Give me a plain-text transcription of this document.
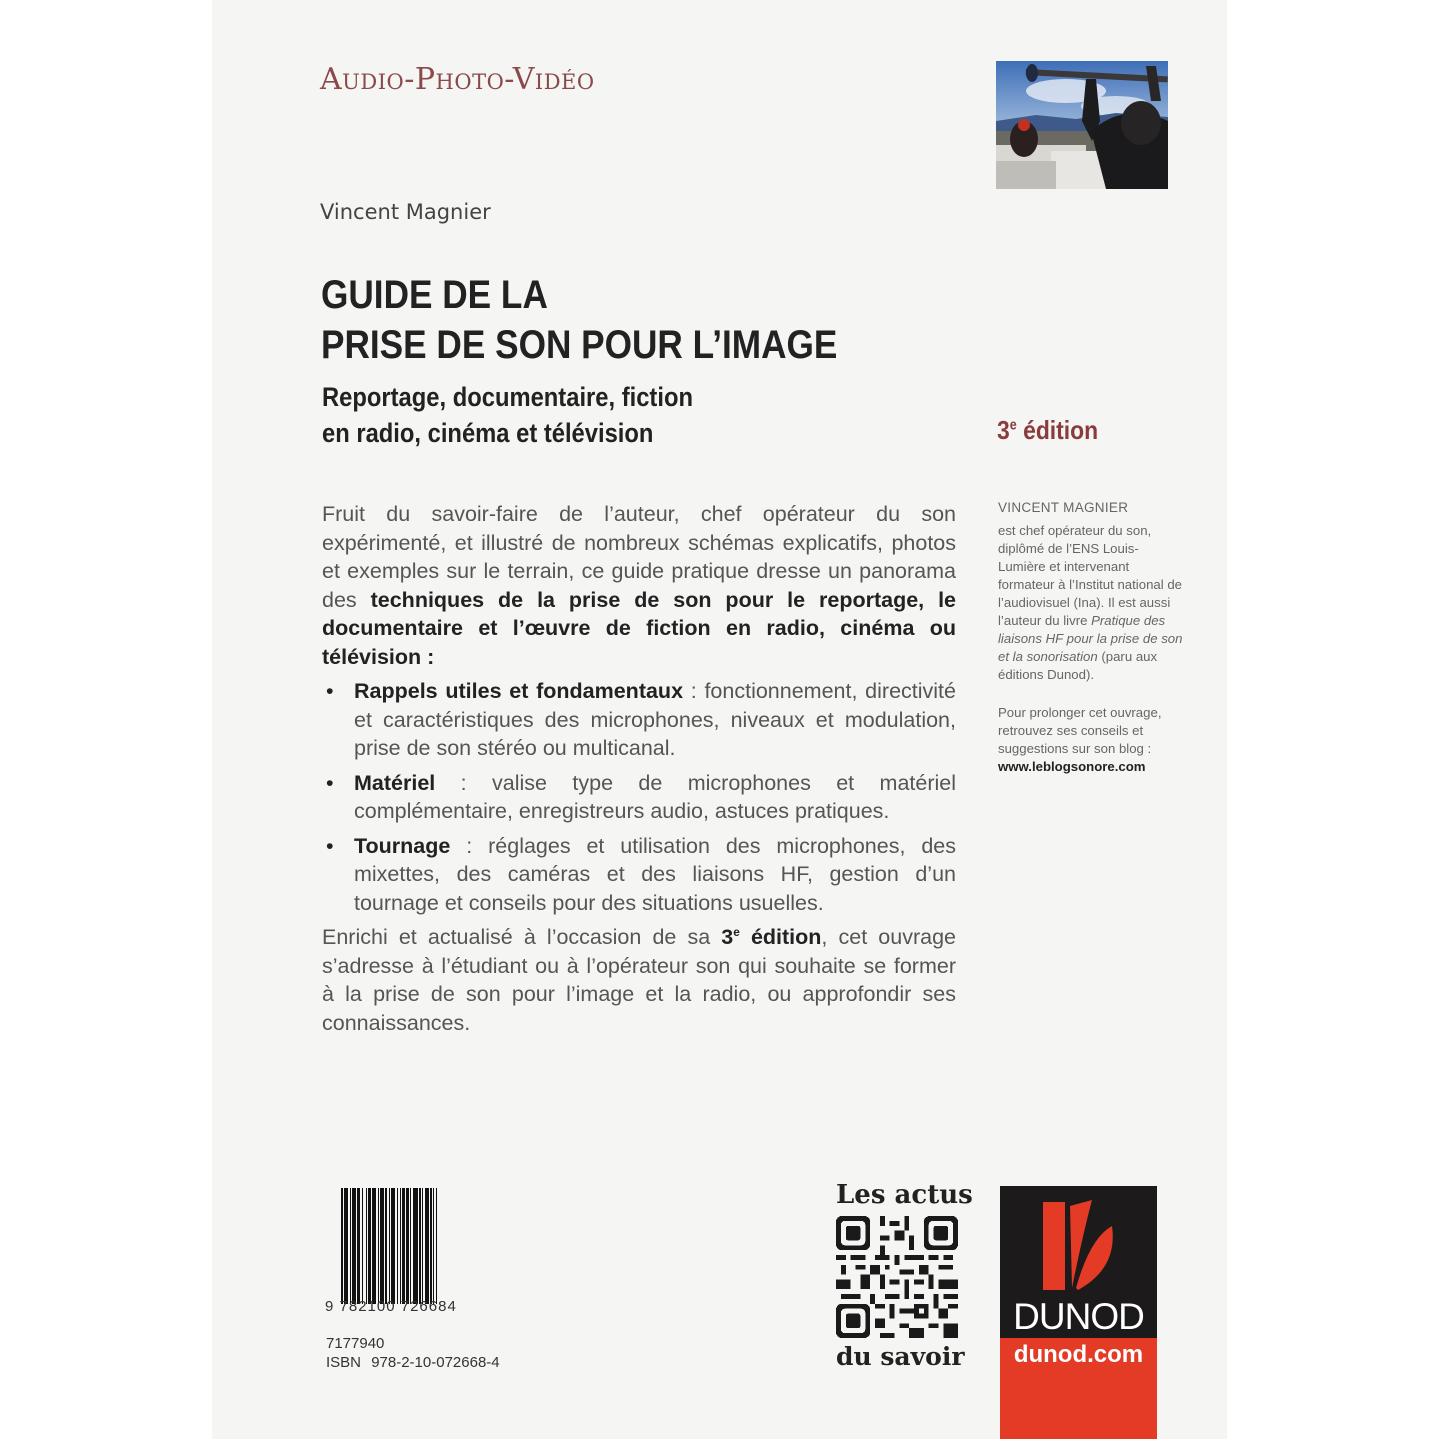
Audio-Photo-Vidéo
Vincent Magnier
GUIDE DE LA
PRISE DE SON POUR L’IMAGE
Reportage, documentaire, fiction
en radio, cinéma et télévision	3e édition

Fruit du savoir-faire de l’auteur, chef opérateur du son expérimenté, et illustré de nombreux schémas explicatifs, photos et exemples sur le terrain, ce guide pratique dresse un panorama des techniques de la prise de son pour le reportage, le documentaire et l’œuvre de fiction en radio, cinéma ou télévision :

• Rappels utiles et fondamentaux : fonctionnement, directivité et caractéristiques des microphones, niveaux et modulation, prise de son stéréo ou multicanal.
• Matériel : valise type de microphones et matériel complémentaire, enregistreurs audio, astuces pratiques.
• Tournage : réglages et utilisation des microphones, des mixettes, des caméras et des liaisons HF, gestion d’un tournage et conseils pour des situations usuelles.

Enrichi et actualisé à l’occasion de sa 3e édition, cet ouvrage s’adresse à l’étudiant ou à l’opérateur son qui souhaite se former à la prise de son pour l’image et la radio, ou approfondir ses connaissances.

VINCENT MAGNIER

est chef opérateur du son, diplômé de l’ENS Louis-Lumière et intervenant formateur à l’Institut national de l’audiovisuel (Ina). Il est aussi l’auteur du livre Pratique des liaisons HF pour la prise de son et la sonorisation (paru aux éditions Dunod).

Pour prolonger cet ouvrage, retrouvez ses conseils et suggestions sur son blog : www.leblogsonore.com

9 782100 726684
7177940
ISBN 978-2-10-072668-4
Les actus
du savoir
DUNOD
dunod.com
